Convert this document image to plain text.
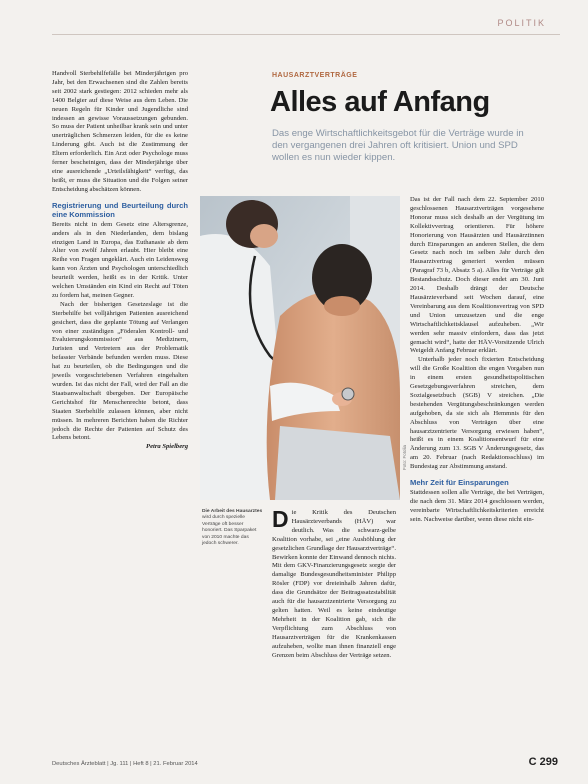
POLITIK

Handvoll Sterbehilfefälle bei Minderjährigen pro Jahr, bei den Erwachsenen sind die Zahlen bereits seit 2002 stark gestiegen: 2012 schieden mehr als 1400 Belgier auf diese Weise aus dem Leben. Die neuen Regeln für Kinder und Jugendliche sind indessen an gewisse Voraussetzungen gebunden. So muss der Patient unheilbar krank sein und unter unerträglichen Schmerzen leiden, für die es keine Linderung gibt. Auch ist die Zustimmung der Eltern erforderlich. Ein Arzt oder Psychologe muss ferner bescheinigen, dass der Minderjährige über eine ausreichende „Urteilsfähigkeit“ verfügt, das heißt, er muss die Situation und die Folgen seiner Entscheidung abschätzen können.

Registrierung und Beurteilung durch eine Kommission

Bereits nicht in dem Gesetz eine Altersgrenze, anders als in den Niederlanden, dem bislang einzigen Land in Europa, das Euthanasie ab dem Alter von zwölf Jahren erlaubt. Hier bleibt eine Reihe von Fragen ungeklärt. Auch ein Leidensweg kann von Ärzten und Psychologen unterschiedlich beurteilt werden, heißt es in der Kritik. Unter welchen Umständen ein Kind ein Recht auf Töten zu fordern hat, meinen Gegner.

Nach der bisherigen Gesetzeslage ist die Sterbehilfe bei volljährigen Patienten ausreichend gesichert, dass die geplante Tötung auf Verlangen von einer zuständigen „Föderalen Kontroll- und Evaluierungskommission“ aus Medizinern, Juristen und Vertretern aus der Problematik befasster Verbände befunden werden muss. Diese hat zu beurteilen, ob die Bedingungen und die jeweils vorgeschriebenen Verfahren eingehalten wurden. Ist das nicht der Fall, wird der Fall an die Staatsanwaltschaft übergeben. Der Europäische Gerichtshof für Menschenrechte betont, dass Staaten Sterbehilfe zulassen können, aber nicht müssen. In mehreren Berichten haben die Richter jedoch die Rechte der Patienten auf Schutz des Lebens betont.

Petra Spielberg

HAUSARZTVERTRÄGE
Alles auf Anfang
Das enge Wirtschaftlichkeitsgebot für die Verträge wurde in den vergangenen drei Jahren oft kritisiert. Union und SPD wollen es nun wieder kippen.
Foto: Fotolia
Die Arbeit des Hausarztes
wird durch spezielle Verträge oft besser honoriert. Das Sparpaket von 2010 machte das jedoch schwerer.

Die Kritik des Deutschen Hausärzteverbands (HÄV) war deutlich. Was die schwarz-gelbe Koalition vorhabe, sei „eine Aushöhlung der gesetzlichen Grundlage der Hausarztverträge“. Bewirken konnte der Einwand dennoch nichts. Mit dem GKV-Finanzierungsgesetz sorgte der damalige Bundesgesundheitsminister Philipp Rösler (FDP) vor dreieinhalb Jahren dafür, dass die Grundsätze der Beitragssatzstabilität auch für die hausarztzentrierte Versorgung zu gelten hatten. Weil es keine eindeutige Mehrheit in der Koalition gab, sich die Verpflichtung zum Abschluss von Hausarztverträgen für die Krankenkassen aufzuheben, wollte man ihnen finanziell enge Grenzen beim Abschluss der Verträge setzen.

Das ist der Fall nach dem 22. September 2010 geschlossenen Hausarztverträgen vorgesehene Honorar muss sich deshalb an der Vergütung im Kollektivvertrag orientieren. Für höhere Honorierung von Hausärzten und Hausärztinnen durch Einsparungen an anderen Stellen, die dem Gesetz nach noch im selben Jahr durch den Hausarztvertrag generiert werden müssen (Paragraf 73 b, Absatz 5 a). Alles für Verträge gilt Bestandsschutz. Doch dieser endet am 30. Juni 2014. Deshalb drängt der Deutsche Hausärzteverband seit Wochen darauf, eine Vereinbarung aus dem Koalitionsvertrag von SPD und Union umzusetzen und die enge Wirtschaftlichkeitsklausel aufzuheben. „Wir werden sehr massiv einfordern, dass das jetzt gemacht wird“, hatte der HÄV-Vorsitzende Ulrich Weigeldt Anfang Februar erklärt.

Unterhalb jeder noch fixierten Entscheidung will die Große Koalition die engen Vorgaben nun in einem ersten gesundheitspolitischen Gesetzgebungsverfahren streichen, dem Sozialgesetzbuch (SGB) V streichen. „Die bestehenden Vergütungsbeschränkungen werden aufgehoben, da sie sich als Hemmnis für den Abschluss von Verträgen über eine hausarztzentrierte Versorgung erwiesen haben“, heißt es in einem Koalitionsentwurf für eine Änderung zum 13. SGB V Änderungsgesetz, das am 20. Februar (nach Redaktionsschluss) im Bundestag zur Abstimmung anstand.

Mehr Zeit für Einsparungen

Stattdessen sollen alle Verträge, die bei Verträgen, die nach dem 31. März 2014 geschlossen werden, vereinbarte Wirtschaftlichkeitskriterien erreicht sein. Nachweise darüber, wenn diese nicht ein-

Deutsches Ärzteblatt | Jg. 111 | Heft 8 | 21. Februar 2014	C 299
